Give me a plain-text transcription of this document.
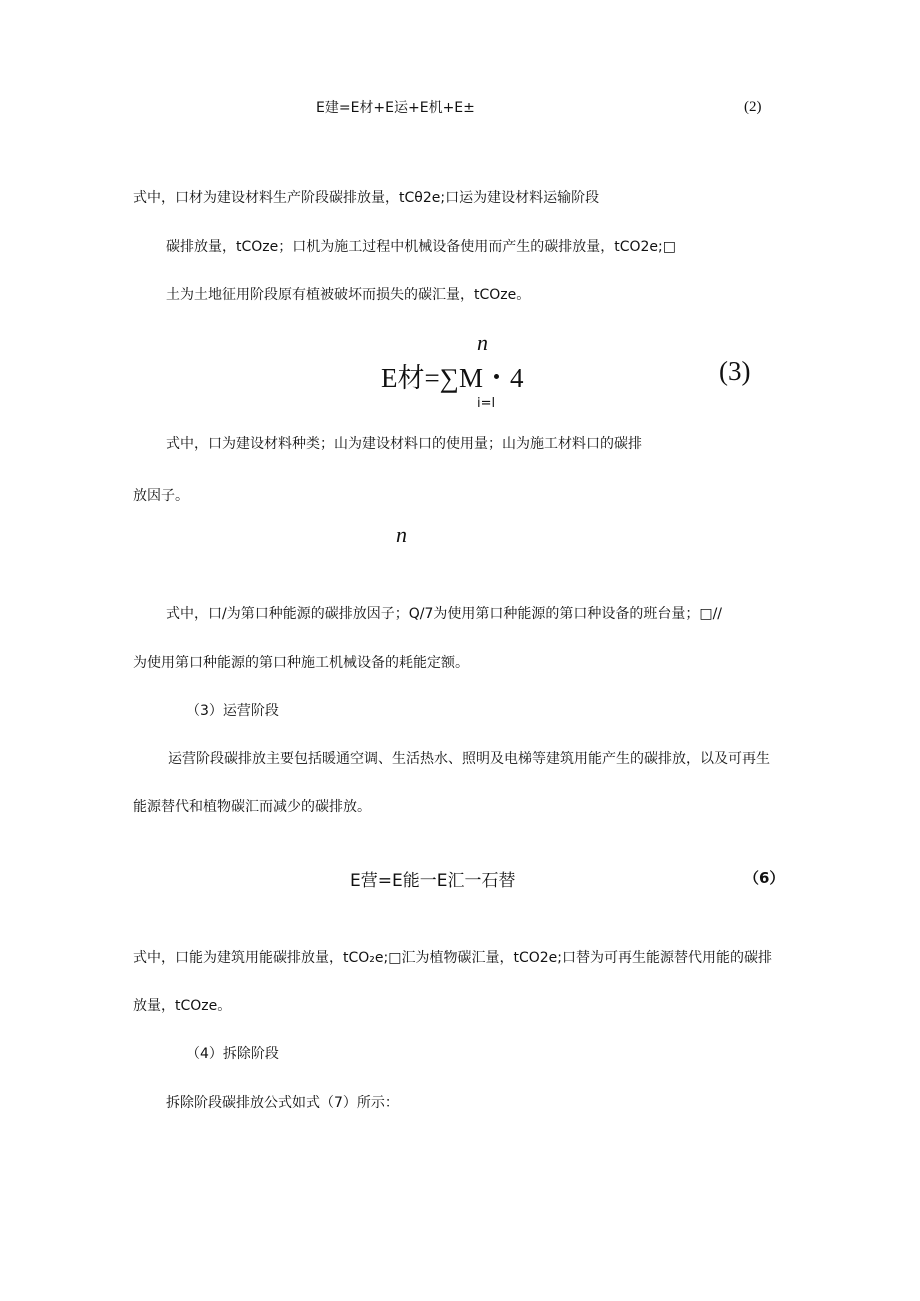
E建=E材+E运+E机+E±	(2)
式中，口材为建设材料生产阶段碳排放量，tCθ2e;口运为建设材料运输阶段
碳排放量，tCOze；口机为施工过程中机械设备使用而产生的碳排放量，tCO2e;□
土为土地征用阶段原有植被破坏而损失的碳汇量，tCOze。
n
E材=∑M・4
i=l
(3)
式中，口为建设材料种类；山为建设材料口的使用量；山为施工材料口的碳排
放因子。
n
式中，口/为第口种能源的碳排放因子；Q/7为使用第口种能源的第口种设备的班台量；□//
为使用第口种能源的第口种施工机械设备的耗能定额。
（3）运营阶段
运营阶段碳排放主要包括暖通空调、生活热水、照明及电梯等建筑用能产生的碳排放，以及可再生
能源替代和植物碳汇而减少的碳排放。
E营=E能一E汇一石替	（6）
式中，口能为建筑用能碳排放量，tCO₂e;□汇为植物碳汇量，tCO2e;口替为可再生能源替代用能的碳排
放量，tCOze。
（4）拆除阶段
拆除阶段碳排放公式如式（7）所示：
